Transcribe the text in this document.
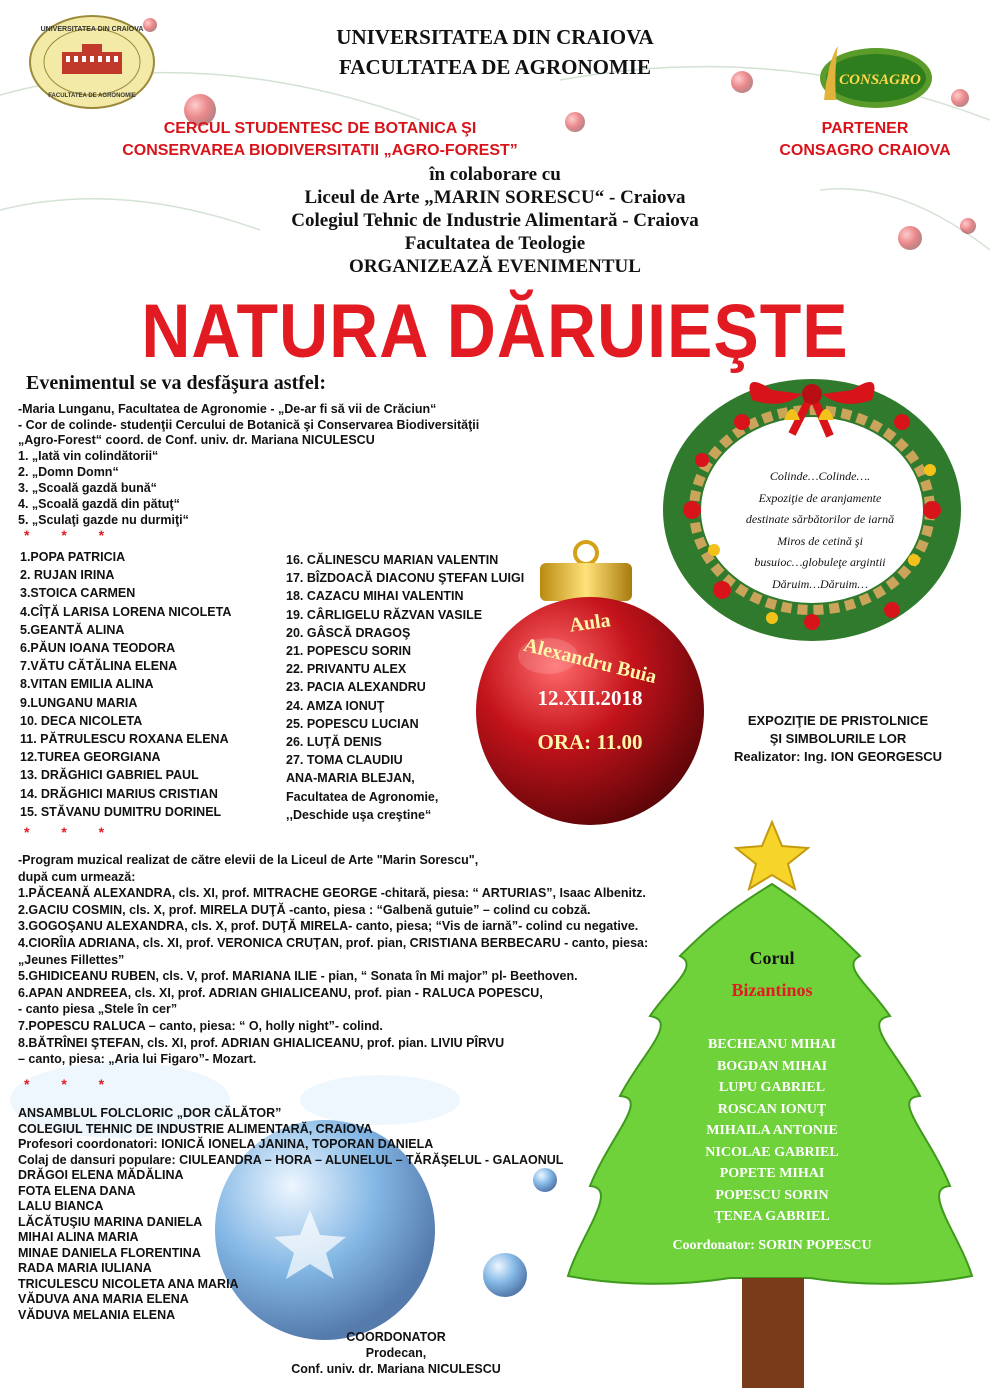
UNIVERSITATEA DIN CRAIOVA
FACULTATEA DE AGRONOMIE
UNIVERSITATEA DIN CRAIOVA
FACULTATEA DE AGRONOMIE
CONSAGRO
CERCUL STUDENTESC DE BOTANICA ŞI
CONSERVAREA BIODIVERSITATII „AGRO-FOREST”
PARTENER
CONSAGRO CRAIOVA
în colaborare cu
Liceul de Arte „MARIN SORESCU“ - Craiova
Colegiul Tehnic de Industrie Alimentară - Craiova
Facultatea de Teologie
ORGANIZEAZĂ EVENIMENTUL
NATURA DĂRUIEŞTE
Evenimentul se va desfăşura astfel:
-Maria Lunganu, Facultatea de Agronomie - „De-ar fi să vii de Crăciun“
- Cor de colinde- studenţii Cercului de Botanică şi Conservarea Biodiversităţii
„Agro-Forest“ coord. de Conf. univ. dr. Mariana NICULESCU
1. „Iată vin colindătorii“
2. „Domn Domn“
3. „Scoală gazdă bună“
4. „Scoală gazdă din pătuţ“
5. „Sculaţi gazde nu durmiţi“
* * *
1.POPA PATRICIA
2. RUJAN IRINA
3.STOICA CARMEN
4.CÎŢĂ LARISA LORENA NICOLETA
5.GEANTĂ ALINA
6.PĂUN IOANA TEODORA
7.VĂTU CĂTĂLINA ELENA
8.VITAN EMILIA ALINA
9.LUNGANU MARIA
10. DECA NICOLETA
11. PĂTRULESCU ROXANA ELENA
12.TUREA GEORGIANA
13. DRĂGHICI GABRIEL PAUL
14. DRĂGHICI MARIUS CRISTIAN
15. STĂVANU DUMITRU DORINEL
16. CĂLINESCU MARIAN VALENTIN
17. BÎZDOACĂ DIACONU ŞTEFAN LUIGI
18. CAZACU MIHAI VALENTIN
19. CÂRLIGELU RĂZVAN VASILE
20. GÂSCĂ DRAGOŞ
21. POPESCU SORIN
22. PRIVANTU ALEX
23. PACIA ALEXANDRU
24. AMZA IONUŢ
25. POPESCU LUCIAN
26. LUŢĂ DENIS
27. TOMA CLAUDIU
ANA-MARIA BLEJAN,
Facultatea de Agronomie,
,,Deschide uşa creştine“
Aula
Alexandru Buia
12.XII.2018
ORA: 11.00
Colinde…Colinde….
Expoziţie de aranjamente
destinate sărbătorilor de iarnă
Miros de cetină şi
busuioc…globuleţe argintii
Dăruim…Dăruim…
EXPOZIŢIE DE PRISTOLNICE
ŞI SIMBOLURILE LOR
Realizator: Ing. ION GEORGESCU
* * *
Corul
Bizantinos
BECHEANU MIHAI
BOGDAN MIHAI
LUPU GABRIEL
ROSCAN IONUŢ
MIHAILA ANTONIE
NICOLAE GABRIEL
POPETE MIHAI
POPESCU SORIN
ŢENEA GABRIEL
Coordonator: SORIN POPESCU
-Program muzical realizat de către elevii de la Liceul de Arte "Marin Sorescu",
după cum urmează:
1.PĂCEANĂ ALEXANDRA, cls. XI, prof. MITRACHE GEORGE -chitară, piesa: “ ARTURIAS”, Isaac Albenitz.
2.GACIU COSMIN, cls. X, prof. MIRELA DUŢĂ -canto, piesa : “Galbenă gutuie” – colind cu cobză.
3.GOGOŞANU ALEXANDRA, cls. X, prof. DUŢĂ MIRELA- canto, piesa; “Vis de iarnă”- colind cu negative.
4.CIORÎIA ADRIANA, cls. XI, prof. VERONICA CRUŢAN, prof. pian, CRISTIANA BERBECARU - canto, piesa:
„Jeunes Fillettes”
5.GHIDICEANU RUBEN, cls. V, prof. MARIANA ILIE - pian, “ Sonata în Mi major” pl- Beethoven.
6.APAN ANDREEA, cls. XI, prof. ADRIAN GHIALICEANU, prof. pian - RALUCA POPESCU,
- canto piesa „Stele în cer”
7.POPESCU RALUCA – canto, piesa: “ O, holly night”- colind.
8.BĂTRÎNEI ŞTEFAN, cls. XI, prof. ADRIAN GHIALICEANU, prof. pian. LIVIU PÎRVU
– canto, piesa: „Aria lui Figaro”- Mozart.
* * *
ANSAMBLUL FOLCLORIC „DOR CĂLĂTOR”
COLEGIUL TEHNIC DE INDUSTRIE ALIMENTARĂ, CRAIOVA
Profesori coordonatori: IONICĂ IONELA JANINA, TOPORAN DANIELA
Colaj de dansuri populare: CIULEANDRA – HORA – ALUNELUL – TĂRĂŞELUL - GALAONUL
DRĂGOI ELENA MĂDĂLINA
FOTA ELENA DANA
LALU BIANCA
LĂCĂTUŞIU MARINA DANIELA
MIHAI ALINA MARIA
MINAE DANIELA FLORENTINA
RADA MARIA IULIANA
TRICULESCU NICOLETA ANA MARIA
VĂDUVA ANA MARIA ELENA
VĂDUVA MELANIA ELENA
COORDONATOR
Prodecan,
Conf. univ. dr. Mariana NICULESCU
